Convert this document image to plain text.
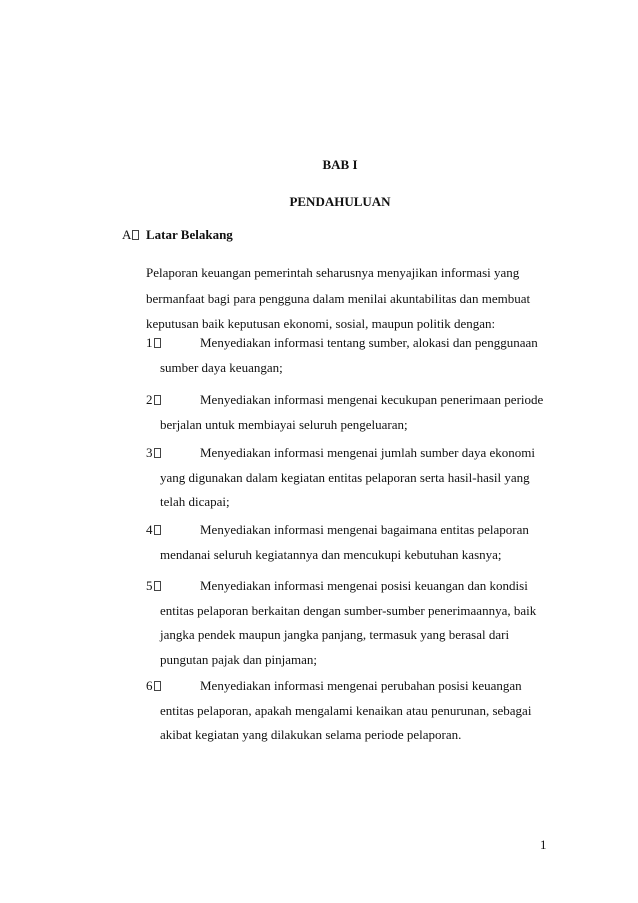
BAB I
PENDAHULUAN
A Latar Belakang

Pelaporan keuangan pemerintah seharusnya menyajikan informasi yang
bermanfaat bagi para pengguna dalam menilai akuntabilitas dan membuat
keputusan baik keputusan ekonomi, sosial, maupun politik dengan:

1	Menyediakan informasi tentang sumber, alokasi dan penggunaan
sumber daya keuangan;
2	Menyediakan informasi mengenai kecukupan penerimaan periode
berjalan untuk membiayai seluruh pengeluaran;
3	Menyediakan informasi mengenai jumlah sumber daya ekonomi
yang digunakan dalam kegiatan entitas pelaporan serta hasil-hasil yang
telah dicapai;
4	Menyediakan informasi mengenai bagaimana entitas pelaporan
mendanai seluruh kegiatannya dan mencukupi kebutuhan kasnya;
5	Menyediakan informasi mengenai posisi keuangan dan kondisi
entitas pelaporan berkaitan dengan sumber-sumber penerimaannya, baik
jangka pendek maupun jangka panjang, termasuk yang berasal dari
pungutan pajak dan pinjaman;
6	Menyediakan informasi mengenai perubahan posisi keuangan
entitas pelaporan, apakah mengalami kenaikan atau penurunan, sebagai
akibat kegiatan yang dilakukan selama periode pelaporan.
1
